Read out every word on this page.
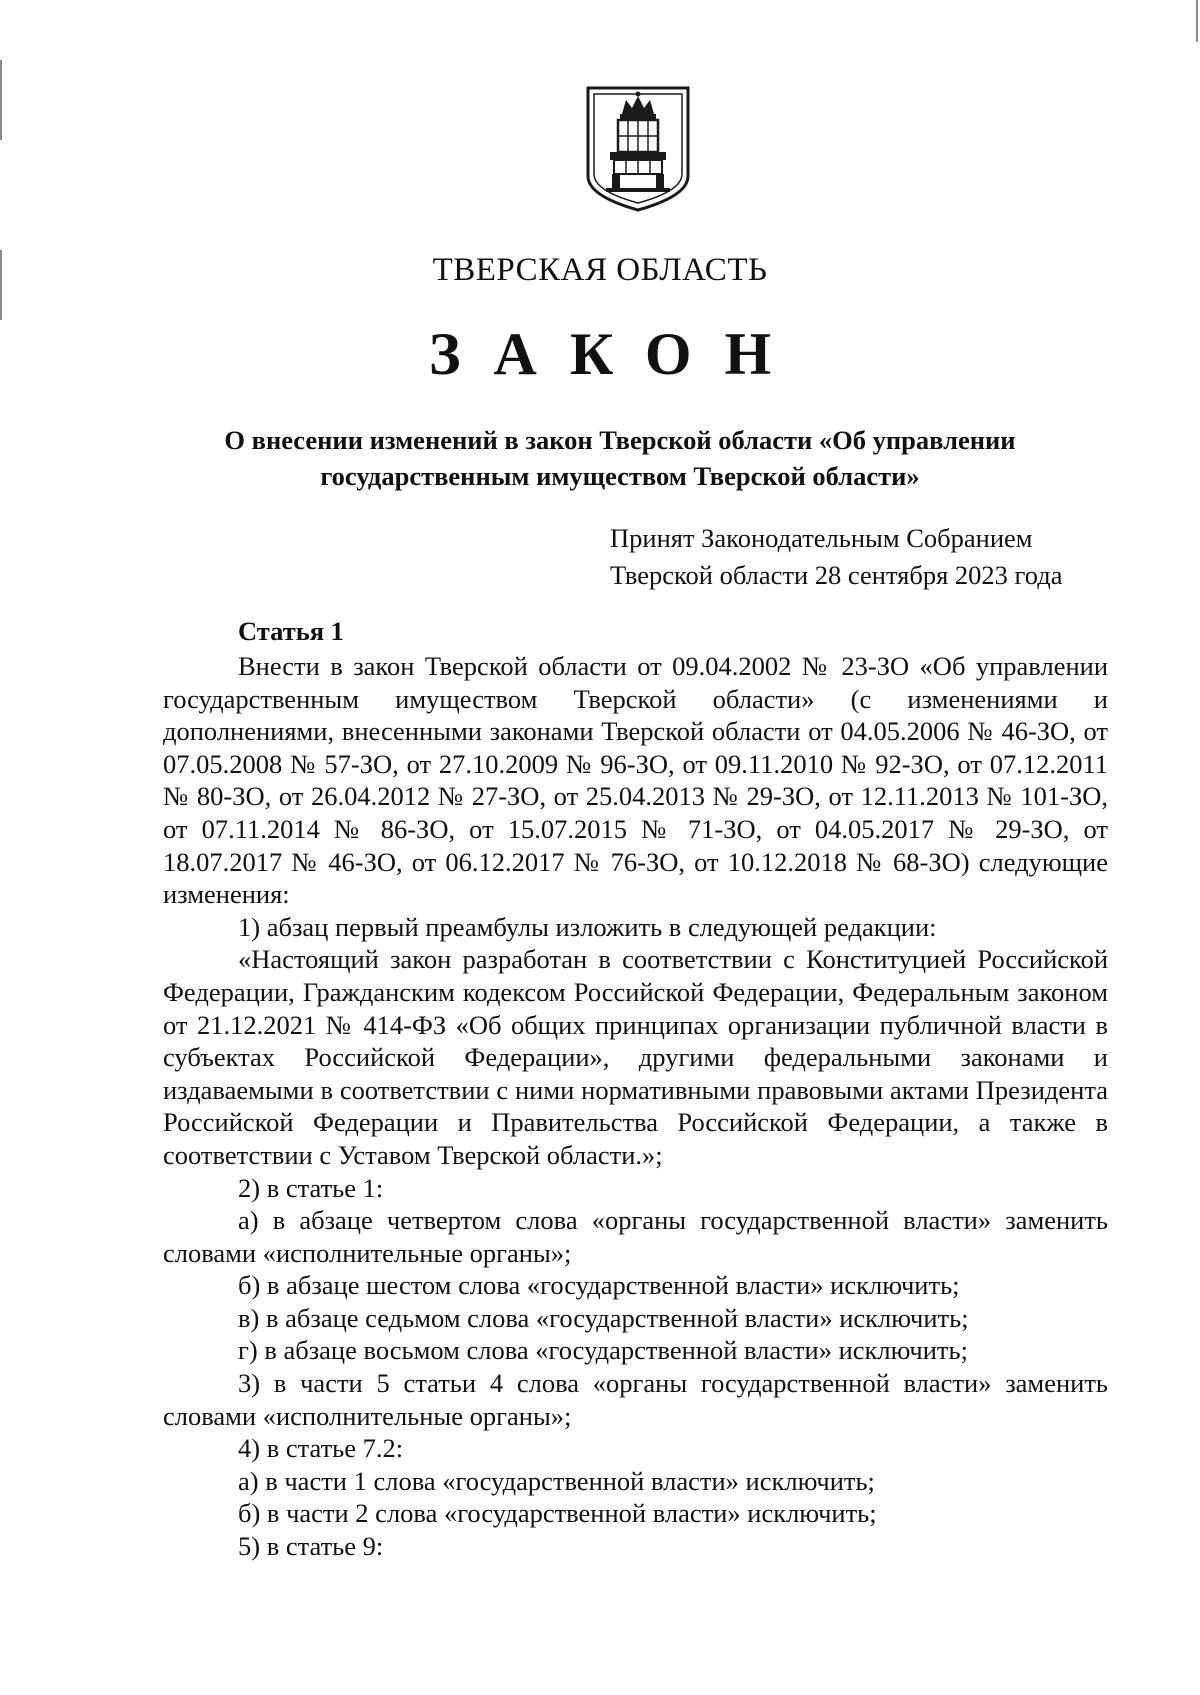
ТВЕРСКАЯ ОБЛАСТЬ
ЗАКОН
О внесении изменений в закон Тверской области «Об управлении государственным имуществом Тверской области»
Принят Законодательным Собранием
Тверской области 28 сентября 2023 года
Статья 1

Внести в закон Тверской области от 09.04.2002 № 23-ЗО «Об управлении государственным имуществом Тверской области» (с изменениями и дополнениями, внесенными законами Тверской области от 04.05.2006 № 46-ЗО, от 07.05.2008 № 57-ЗО, от 27.10.2009 № 96-ЗО, от 09.11.2010 № 92-ЗО, от 07.12.2011 № 80-ЗО, от 26.04.2012 № 27-ЗО, от 25.04.2013 № 29-ЗО, от 12.11.2013 № 101-ЗО, от 07.11.2014 № 86-ЗО, от 15.07.2015 № 71-ЗО, от 04.05.2017 № 29-ЗО, от 18.07.2017 № 46-ЗО, от 06.12.2017 № 76-ЗО, от 10.12.2018 № 68-ЗО) следующие изменения:

1) абзац первый преамбулы изложить в следующей редакции:

«Настоящий закон разработан в соответствии с Конституцией Российской Федерации, Гражданским кодексом Российской Федерации, Федеральным законом от 21.12.2021 № 414-ФЗ «Об общих принципах организации публичной власти в субъектах Российской Федерации», другими федеральными законами и издаваемыми в соответствии с ними нормативными правовыми актами Президента Российской Федерации и Правительства Российской Федерации, а также в соответствии с Уставом Тверской области.»;

2) в статье 1:

а) в абзаце четвертом слова «органы государственной власти» заменить словами «исполнительные органы»;

б) в абзаце шестом слова «государственной власти» исключить;

в) в абзаце седьмом слова «государственной власти» исключить;

г) в абзаце восьмом слова «государственной власти» исключить;

3) в части 5 статьи 4 слова «органы государственной власти» заменить словами «исполнительные органы»;

4) в статье 7.2:

а) в части 1 слова «государственной власти» исключить;

б) в части 2 слова «государственной власти» исключить;

5) в статье 9:
